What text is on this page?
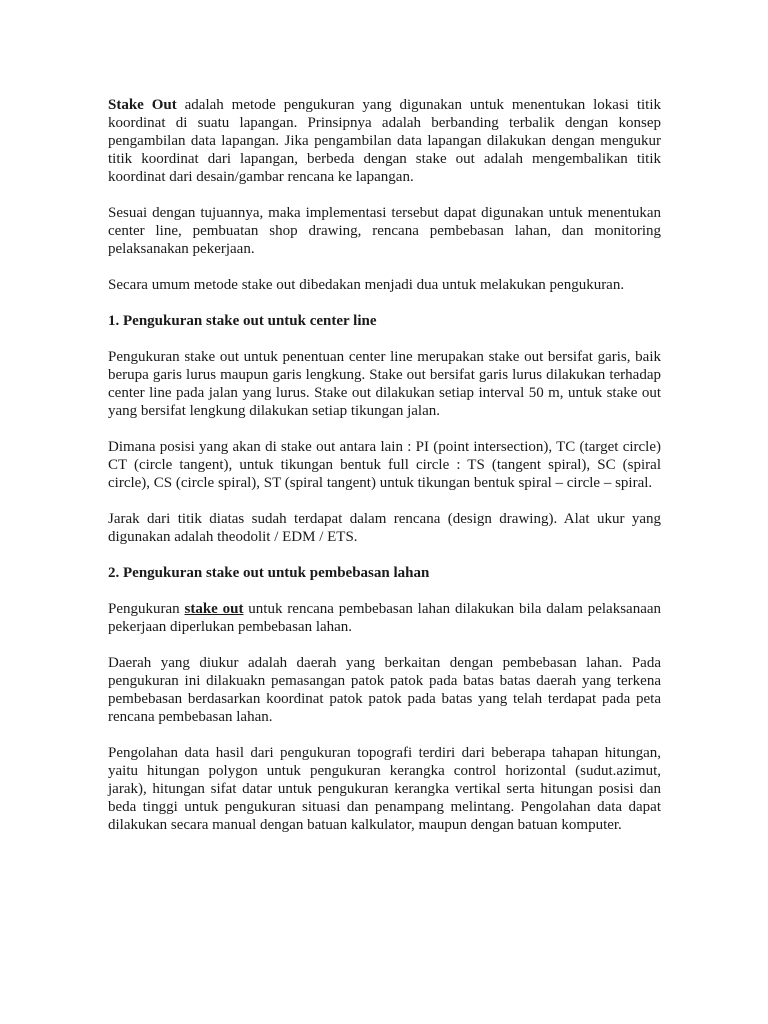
Stake Out adalah metode pengukuran yang digunakan untuk menentukan lokasi titik koordinat di suatu lapangan. Prinsipnya adalah berbanding terbalik dengan konsep pengambilan data lapangan. Jika pengambilan data lapangan dilakukan dengan mengukur titik koordinat dari lapangan, berbeda dengan stake out adalah mengembalikan titik koordinat dari desain/gambar rencana ke lapangan.

Sesuai dengan tujuannya, maka implementasi tersebut dapat digunakan untuk menentukan center line, pembuatan shop drawing, rencana pembebasan lahan, dan monitoring pelaksanakan pekerjaan.

Secara umum metode stake out dibedakan menjadi dua untuk melakukan pengukuran.

1. Pengukuran stake out untuk center line

Pengukuran stake out untuk penentuan center line merupakan stake out bersifat garis, baik berupa garis lurus maupun garis lengkung. Stake out bersifat garis lurus dilakukan terhadap center line pada jalan yang lurus. Stake out dilakukan setiap interval 50 m, untuk stake out yang bersifat lengkung dilakukan setiap tikungan jalan.

Dimana posisi yang akan di stake out antara lain : PI (point intersection), TC (target circle) CT (circle tangent), untuk tikungan bentuk full circle : TS (tangent spiral), SC (spiral circle), CS (circle spiral), ST (spiral tangent) untuk tikungan bentuk spiral – circle – spiral.

Jarak dari titik diatas sudah terdapat dalam rencana (design drawing). Alat ukur yang digunakan adalah theodolit / EDM / ETS.

2. Pengukuran stake out untuk pembebasan lahan

Pengukuran stake out untuk rencana pembebasan lahan dilakukan bila dalam pelaksanaan pekerjaan diperlukan pembebasan lahan.

Daerah yang diukur adalah daerah yang berkaitan dengan pembebasan lahan. Pada pengukuran ini dilakuakn pemasangan patok patok pada batas batas daerah yang terkena pembebasan berdasarkan koordinat patok patok pada batas yang telah terdapat pada peta rencana pembebasan lahan.

Pengolahan data hasil dari pengukuran topografi terdiri dari beberapa tahapan hitungan, yaitu hitungan polygon untuk pengukuran kerangka control horizontal (sudut.azimut, jarak), hitungan sifat datar untuk pengukuran kerangka vertikal serta hitungan posisi dan beda tinggi untuk pengukuran situasi dan penampang melintang. Pengolahan data dapat dilakukan secara manual dengan batuan kalkulator, maupun dengan batuan komputer.
